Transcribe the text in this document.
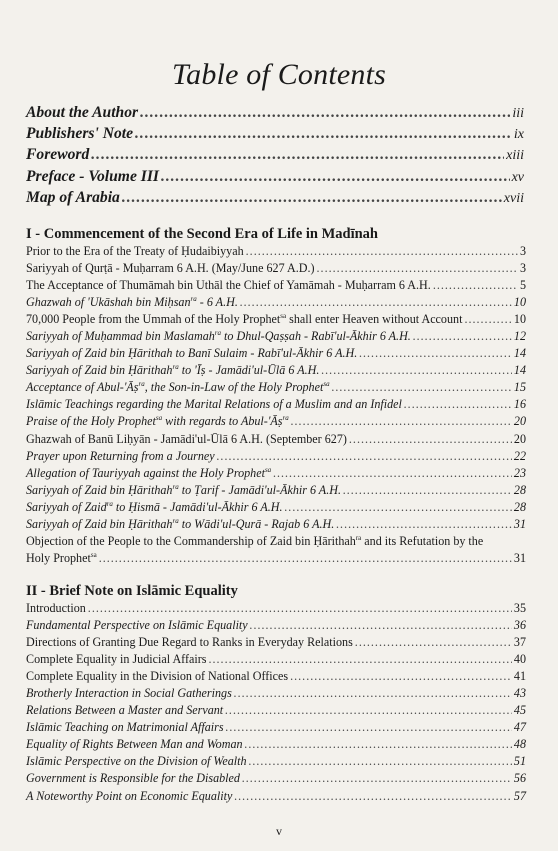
Table of Contents
About the Author .....	iii
Publishers' Note .....	ix
Foreword .....	xiii
Preface - Volume III .....	xv
Map of Arabia .....	xvii
I - Commencement of the Second Era of Life in Madīnah
Prior to the Era of the Treaty of Ḥudaibiyyah .....	3
Sariyyah of Qurṭā - Muḥarram 6 A.H. (May/June 627 A.D.) .....	3
The Acceptance of Thumāmah bin Uthāl the Chief of Yamāmah - Muḥarram 6 A.H. .....	5
Ghazwah of 'Ukāshah bin Miḥsan$^{ra}$ - 6 A.H. .....	10
70,000 People from the Ummah of the Holy Prophet$^{sa}$ shall enter Heaven without Account .....	10
Sariyyah of Muḥammad bin Maslamah$^{ra}$ to Dhul-Qaṣṣah - Rabī'ul-Ākhir 6 A.H. .....	12
Sariyyah of Zaid bin Ḥārithah to Banī Sulaim - Rabī'ul-Ākhir 6 A.H. .....	14
Sariyyah of Zaid bin Ḥārithah$^{ra}$ to 'Īṣ - Jamādi'ul-Ūlā 6 A.H. .....	14
Acceptance of Abul-'Āṣ$^{ra}$, the Son-in-Law of the Holy Prophet$^{sa}$ .....	15
Islāmic Teachings regarding the Marital Relations of a Muslim and an Infidel .....	16
Praise of the Holy Prophet$^{sa}$ with regards to Abul-'Āṣ$^{ra}$ .....	20
Ghazwah of Banū Liḥyān - Jamādi'ul-Ūlā 6 A.H. (September 627) .....	20
Prayer upon Returning from a Journey .....	22
Allegation of Tauriyyah against the Holy Prophet$^{sa}$ .....	23
Sariyyah of Zaid bin Ḥārithah$^{ra}$ to Ṭarif - Jamādi'ul-Ākhir 6 A.H. .....	28
Sariyyah of Zaid$^{ra}$ to Ḥismā - Jamādi'ul-Ākhir 6 A.H. .....	28
Sariyyah of Zaid bin Ḥārithah$^{ra}$ to Wādi'ul-Qurā - Rajab 6 A.H. .....	31
Objection of the People to the Commandership of Zaid bin Ḥārithah$^{ra}$ and its Refutation by the
Holy Prophet$^{sa}$ .....	31
II - Brief Note on Islāmic Equality
Introduction .....	35
Fundamental Perspective on Islāmic Equality .....	36
Directions of Granting Due Regard to Ranks in Everyday Relations .....	37
Complete Equality in Judicial Affairs .....	40
Complete Equality in the Division of National Offices .....	41
Brotherly Interaction in Social Gatherings .....	43
Relations Between a Master and Servant .....	45
Islāmic Teaching on Matrimonial Affairs .....	47
Equality of Rights Between Man and Woman .....	48
Islāmic Perspective on the Division of Wealth .....	51
Government is Responsible for the Disabled .....	56
A Noteworthy Point on Economic Equality .....	57
v
